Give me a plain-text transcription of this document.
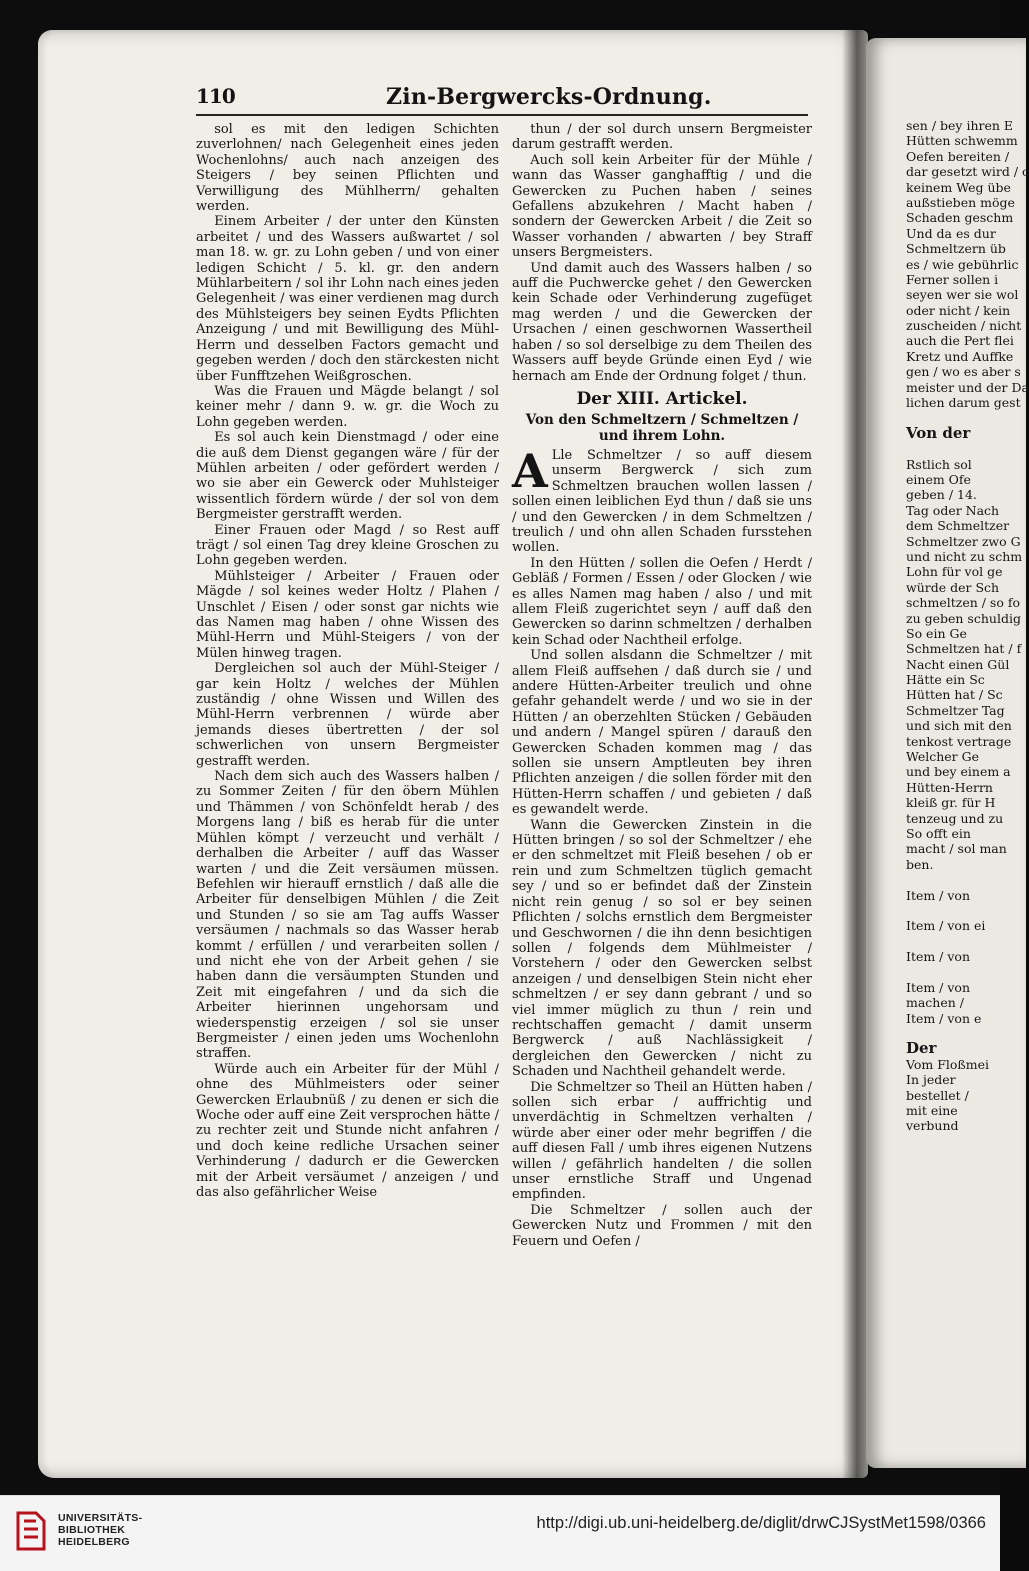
sen / bey ihren E
Hütten schwemm
Oefen bereiten /
dar gesetzt wird / c
keinem Weg übe
außstieben möge
Schaden geschm
Und da es dur
Schmeltzern üb
es / wie gebührlic
Ferner sollen i
seyen wer sie wol
oder nicht / kein
zuscheiden / nicht
auch die Pert flei
Kretz und Auffke
gen / wo es aber s
meister und der Da
lichen darum gest
Von der
Rstlich sol
einem Ofe
geben / 14.
Tag oder Nach
dem Schmeltzer
Schmeltzer zwo G
und nicht zu schm
Lohn für vol ge
würde der Sch
schmeltzen / so fo
zu geben schuldig
So ein Ge
Schmeltzen hat / f
Nacht einen Gül
Hätte ein Sc
Hütten hat / Sc
Schmeltzer Tag
und sich mit den
tenkost vertrage
Welcher Ge
und bey einem a
Hütten-Herrn
kleiß gr. für H
tenzeug und zu
So offt ein
macht / sol man
ben.
Item / von
Item / von ei
Item / von
Item / von
machen /
Item / von e
Der
Vom Floßmei
In jeder
bestellet /
mit eine
verbund
110	Zin-Bergwercks-Ordnung.

sol es mit den ledigen Schichten zuverlohnen/ nach Gelegenheit eines jeden Wochenlohns/ auch nach anzeigen des Steigers / bey seinen Pflichten und Verwilligung des Mühlherrn/ gehalten werden.

Einem Arbeiter / der unter den Künsten arbeitet / und des Wassers außwartet / sol man 18. w. gr. zu Lohn geben / und von einer ledigen Schicht / 5. kl. gr. den andern Mühlarbeitern / sol ihr Lohn nach eines jeden Gelegenheit / was einer verdienen mag durch des Mühlsteigers bey seinen Eydts Pflichten Anzeigung / und mit Bewilligung des Mühl-Herrn und desselben Factors gemacht und gegeben werden / doch den stärckesten nicht über Funfftzehen Weißgroschen.

Was die Frauen und Mägde belangt / sol keiner mehr / dann 9. w. gr. die Woch zu Lohn gegeben werden.

Es sol auch kein Dienstmagd / oder eine die auß dem Dienst gegangen wäre / für der Mühlen arbeiten / oder gefördert werden / wo sie aber ein Gewerck oder Muhlsteiger wissentlich fördern würde / der sol von dem Bergmeister gerstrafft werden.

Einer Frauen oder Magd / so Rest auff trägt / sol einen Tag drey kleine Groschen zu Lohn gegeben werden.

Mühlsteiger / Arbeiter / Frauen oder Mägde / sol keines weder Holtz / Plahen / Unschlet / Eisen / oder sonst gar nichts wie das Namen mag haben / ohne Wissen des Mühl-Herrn und Mühl-Steigers / von der Mülen hinweg tragen.

Dergleichen sol auch der Mühl-Steiger / gar kein Holtz / welches der Mühlen zuständig / ohne Wissen und Willen des Mühl-Herrn verbrennen / würde aber jemands dieses übertretten / der sol schwerlichen von unsern Bergmeister gestrafft werden.

Nach dem sich auch des Wassers halben / zu Sommer Zeiten / für den öbern Mühlen und Thämmen / von Schönfeldt herab / des Morgens lang / biß es herab für die unter Mühlen kömpt / verzeucht und verhält / derhalben die Arbeiter / auff das Wasser warten / und die Zeit versäumen müssen. Befehlen wir hierauff ernstlich / daß alle die Arbeiter für denselbigen Mühlen / die Zeit und Stunden / so sie am Tag auffs Wasser versäumen / nachmals so das Wasser herab kommt / erfüllen / und verarbeiten sollen / und nicht ehe von der Arbeit gehen / sie haben dann die versäumpten Stunden und Zeit mit eingefahren / und da sich die Arbeiter hierinnen ungehorsam und wiederspenstig erzeigen / sol sie unser Bergmeister / einen jeden ums Wochenlohn straffen.

Würde auch ein Arbeiter für der Mühl / ohne des Mühlmeisters oder seiner Gewercken Erlaubnüß / zu denen er sich die Woche oder auff eine Zeit versprochen hätte / zu rechter zeit und Stunde nicht anfahren / und doch keine redliche Ursachen seiner Verhinderung / dadurch er die Gewercken mit der Arbeit versäumet / anzeigen / und das also gefährlicher Weise

thun / der sol durch unsern Bergmeister darum gestrafft werden.

Auch soll kein Arbeiter für der Mühle / wann das Wasser ganghafftig / und die Gewercken zu Puchen haben / seines Gefallens abzukehren / Macht haben / sondern der Gewercken Arbeit / die Zeit so Wasser vorhanden / abwarten / bey Straff unsers Bergmeisters.

Und damit auch des Wassers halben / so auff die Puchwercke gehet / den Gewercken kein Schade oder Verhinderung zugefüget mag werden / und die Gewercken der Ursachen / einen geschwornen Wassertheil haben / so sol derselbige zu dem Theilen des Wassers auff beyde Gründe einen Eyd / wie hernach am Ende der Ordnung folget / thun.

Der XIII. Artickel.
Von den Schmeltzern / Schmeltzen / und ihrem Lohn.

A Lle Schmeltzer / so auff diesem unserm Bergwerck / sich zum Schmeltzen brauchen wollen lassen / sollen einen leiblichen Eyd thun / daß sie uns / und den Gewercken / in dem Schmeltzen / treulich / und ohn allen Schaden fursstehen wollen.

In den Hütten / sollen die Oefen / Herdt / Gebläß / Formen / Essen / oder Glocken / wie es alles Namen mag haben / also / und mit allem Fleiß zugerichtet seyn / auff daß den Gewercken so darinn schmeltzen / derhalben kein Schad oder Nachtheil erfolge.

Und sollen alsdann die Schmeltzer / mit allem Fleiß auffsehen / daß durch sie / und andere Hütten-Arbeiter treulich und ohne gefahr gehandelt werde / und wo sie in der Hütten / an oberzehlten Stücken / Gebäuden und andern / Mangel spüren / darauß den Gewercken Schaden kommen mag / das sollen sie unsern Amptleuten bey ihren Pflichten anzeigen / die sollen förder mit den Hütten-Herrn schaffen / und gebieten / daß es gewandelt werde.

Wann die Gewercken Zinstein in die Hütten bringen / so sol der Schmeltzer / ehe er den schmeltzet mit Fleiß besehen / ob er rein und zum Schmeltzen tüglich gemacht sey / und so er befindet daß der Zinstein nicht rein genug / so sol er bey seinen Pflichten / solchs ernstlich dem Bergmeister und Geschwornen / die ihn denn besichtigen sollen / folgends dem Mühlmeister / Vorstehern / oder den Gewercken selbst anzeigen / und denselbigen Stein nicht eher schmeltzen / er sey dann gebrant / und so viel immer müglich zu thun / rein und rechtschaffen gemacht / damit unserm Bergwerck / auß Nachlässigkeit / dergleichen den Gewercken / nicht zu Schaden und Nachtheil gehandelt werde.

Die Schmeltzer so Theil an Hütten haben / sollen sich erbar / auffrichtig und unverdächtig in Schmeltzen verhalten / würde aber einer oder mehr begriffen / die auff diesen Fall / umb ihres eigenen Nutzens willen / gefährlich handelten / die sollen unser ernstliche Straff und Ungenad empfinden.

Die Schmeltzer / sollen auch der Gewercken Nutz und Frommen / mit den Feuern und Oefen /

UNIVERSITÄTS-
BIBLIOTHEK
HEIDELBERG
http://digi.ub.uni-heidelberg.de/diglit/drwCJSystMet1598/0366
